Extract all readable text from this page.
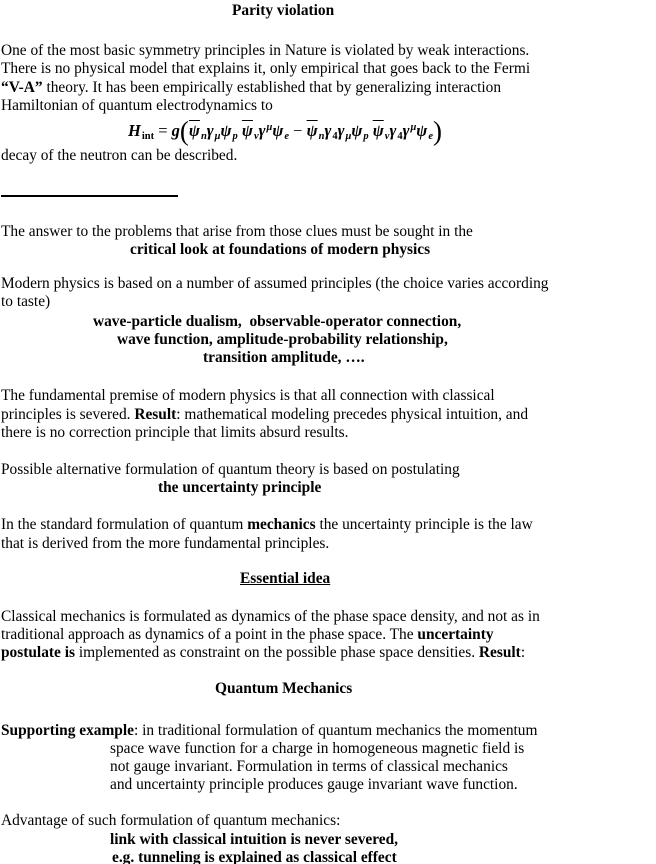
Parity violation
One of the most basic symmetry principles in Nature is violated by weak interactions.
There is no physical model that explains it, only empirical that goes back to the Fermi
“V-A” theory. It has been empirically established that by generalizing interaction
Hamiltonian of quantum electrodynamics to
$H_{int} = g(\overline{\psi}_n\gamma_\mu\psi_p$ $\overline{\psi}_\nu\gamma^\mu\psi_e - \overline{\psi}_n\gamma_4\gamma_\mu\psi_p$ $\overline{\psi}_\nu\gamma_4\gamma^\mu\psi_e$)
decay of the neutron can be described.
The answer to the problems that arise from those clues must be sought in the
critical look at foundations of modern physics
Modern physics is based on a number of assumed principles (the choice varies according
to taste)
wave-particle dualism,  observable-operator connection,
wave function, amplitude-probability relationship,
transition amplitude, ….
The fundamental premise of modern physics is that all connection with classical
principles is severed. Result: mathematical modeling precedes physical intuition, and
there is no correction principle that limits absurd results.
Possible alternative formulation of quantum theory is based on postulating
the uncertainty principle
In the standard formulation of quantum mechanics the uncertainty principle is the law
that is derived from the more fundamental principles.
Essential idea
Classical mechanics is formulated as dynamics of the phase space density, and not as in
traditional approach as dynamics of a point in the phase space. The uncertainty
postulate is implemented as constraint on the possible phase space densities. Result:
Quantum Mechanics
Supporting example: in traditional formulation of quantum mechanics the momentum
space wave function for a charge in homogeneous magnetic field is
not gauge invariant. Formulation in terms of classical mechanics
and uncertainty principle produces gauge invariant wave function.
Advantage of such formulation of quantum mechanics:
link with classical intuition is never severed,
e.g. tunneling is explained as classical effect
